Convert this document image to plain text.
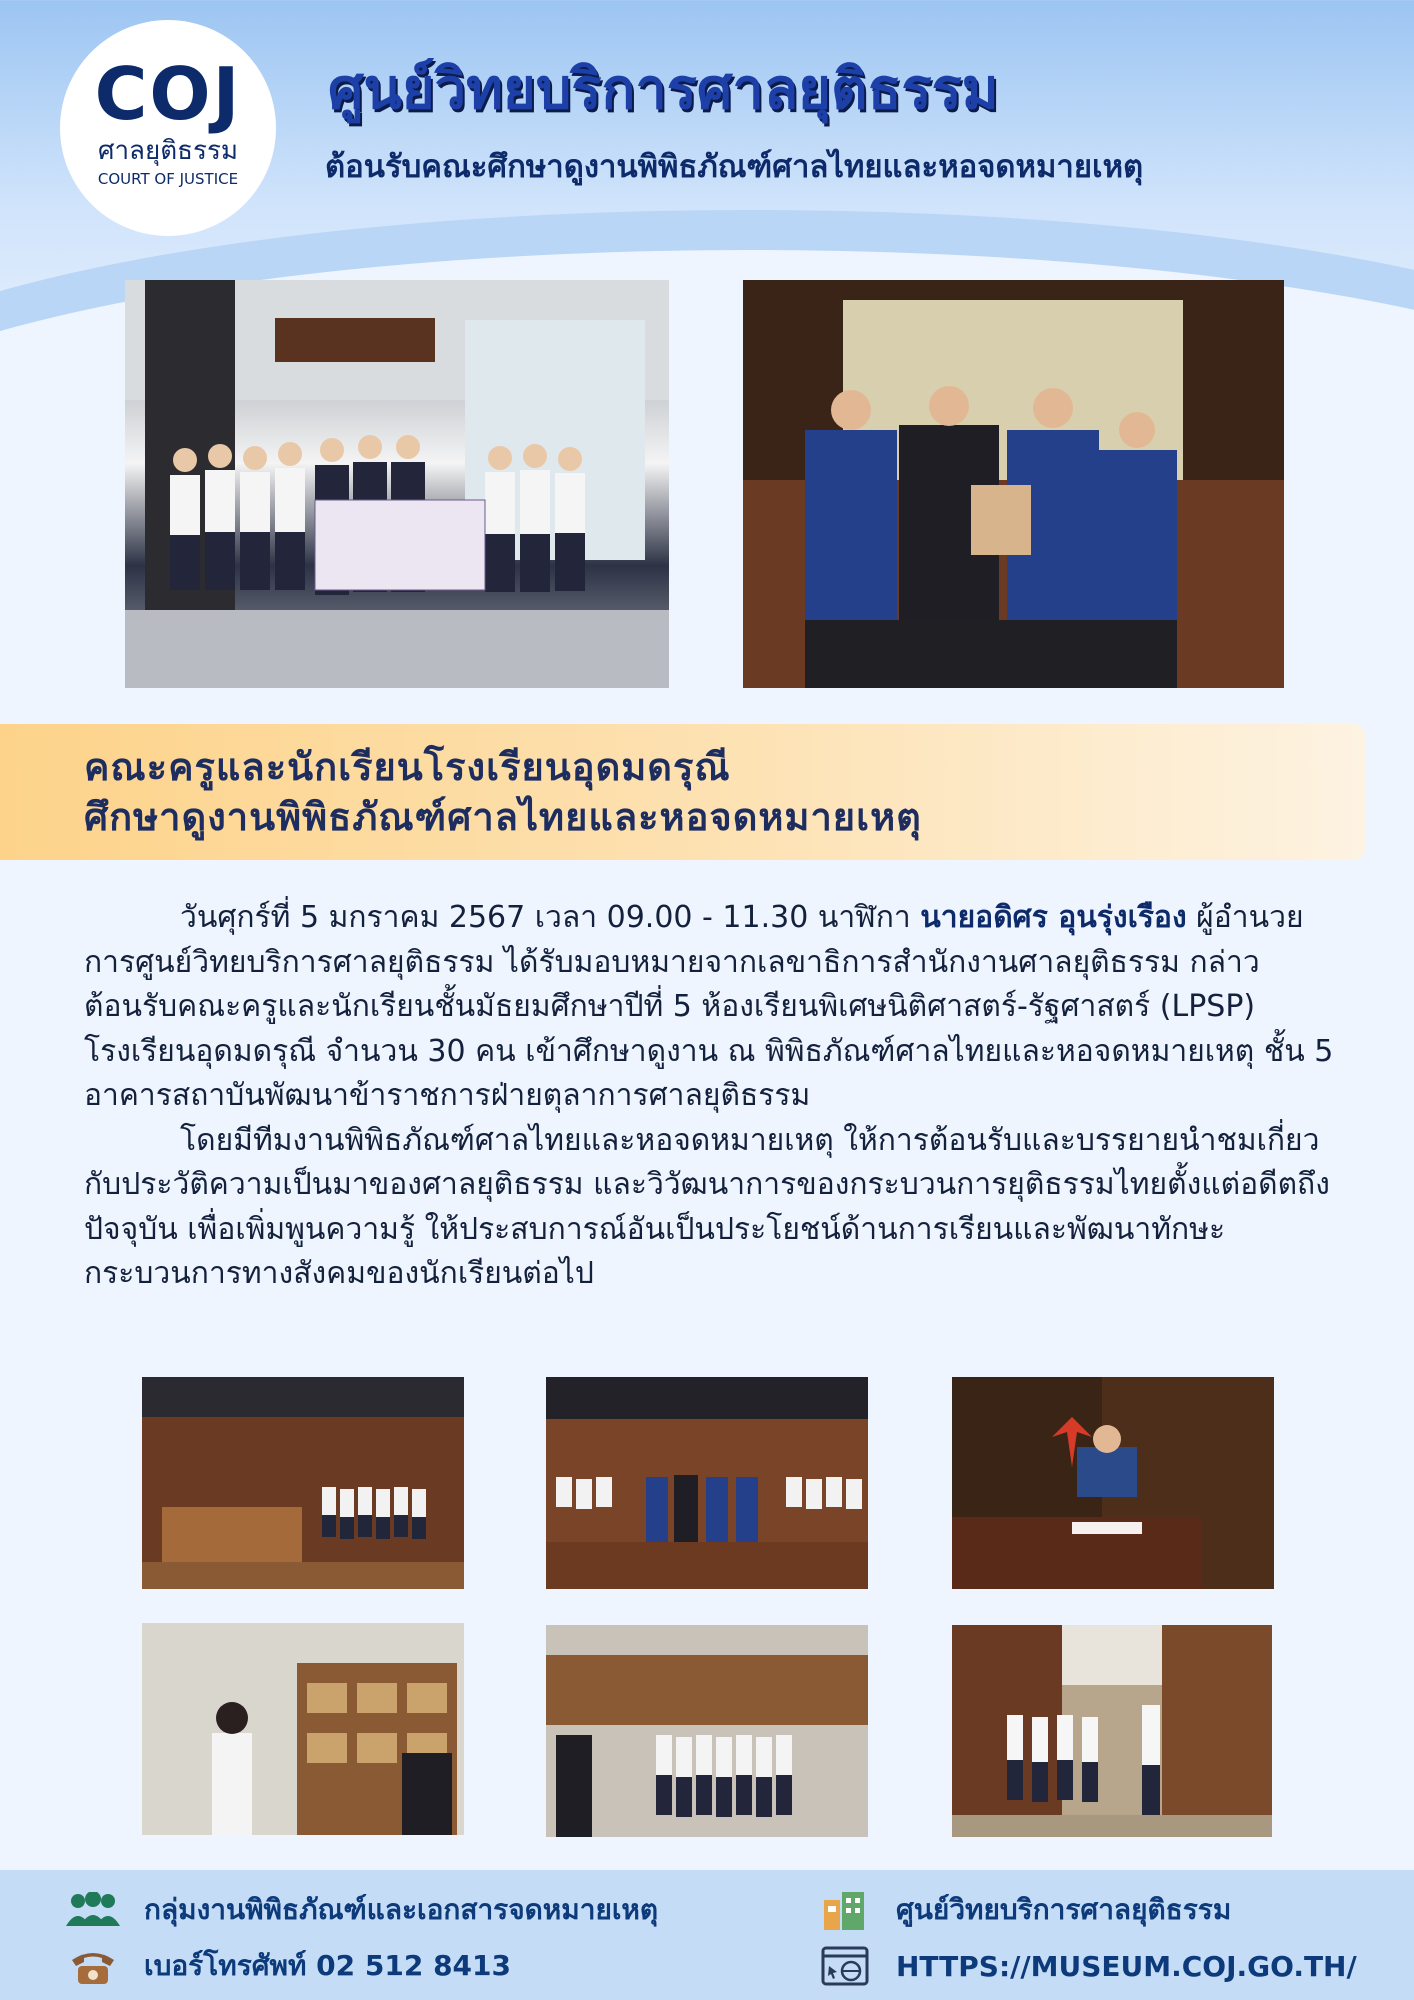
COJ
ศาลยุติธรรม
COURT OF JUSTICE
ศูนย์วิทยบริการศาลยุติธรรม
ต้อนรับคณะศึกษาดูงานพิพิธภัณฑ์ศาลไทยและหอจดหมายเหตุ
คณะครูและนักเรียนโรงเรียนอุดมดรุณี
ศึกษาดูงานพิพิธภัณฑ์ศาลไทยและหอจดหมายเหตุ

วันศุกร์ที่ 5 มกราคม 2567 เวลา 09.00 - 11.30 นาฬิกา นายอดิศร อุนรุ่งเรือง ผู้อำนวยการศูนย์วิทยบริการศาลยุติธรรม ได้รับมอบหมายจากเลขาธิการสำนักงานศาลยุติธรรม กล่าวต้อนรับคณะครูและนักเรียนชั้นมัธยมศึกษาปีที่ 5 ห้องเรียนพิเศษนิติศาสตร์-รัฐศาสตร์ (LPSP) โรงเรียนอุดมดรุณี จำนวน 30 คน เข้าศึกษาดูงาน ณ พิพิธภัณฑ์ศาลไทยและหอจดหมายเหตุ ชั้น 5 อาคารสถาบันพัฒนาข้าราชการฝ่ายตุลาการศาลยุติธรรม

โดยมีทีมงานพิพิธภัณฑ์ศาลไทยและหอจดหมายเหตุ ให้การต้อนรับและบรรยายนำชมเกี่ยวกับประวัติความเป็นมาของศาลยุติธรรม และวิวัฒนาการของกระบวนการยุติธรรมไทยตั้งแต่อดีตถึงปัจจุบัน เพื่อเพิ่มพูนความรู้ ให้ประสบการณ์อันเป็นประโยชน์ด้านการเรียนและพัฒนาทักษะกระบวนการทางสังคมของนักเรียนต่อไป

กลุ่มงานพิพิธภัณฑ์และเอกสารจดหมายเหตุ	ศูนย์วิทยบริการศาลยุติธรรม
เบอร์โทรศัพท์ 02 512 8413	HTTPS://MUSEUM.COJ.GO.TH/
